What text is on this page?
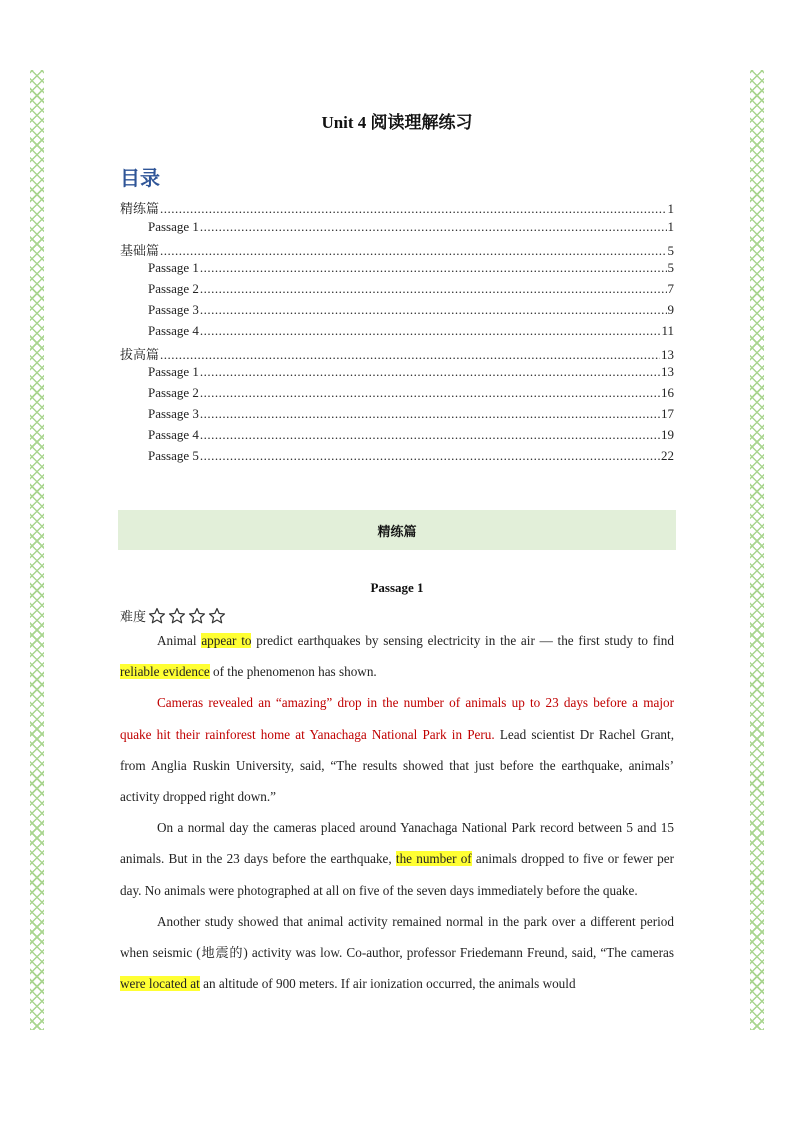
Unit 4 阅读理解练习
目录
精练篇 .....	1
Passage 1 .....	1
基础篇 .....	5
Passage 1 .....	5
Passage 2 .....	7
Passage 3 .....	9
Passage 4 .....	11
拔高篇 .....	13
Passage 1 .....	13
Passage 2 .....	16
Passage 3 .....	17
Passage 4 .....	19
Passage 5 .....	22
精练篇
Passage 1
难度

Animal appear to predict earthquakes by sensing electricity in the air — the first study to find reliable evidence of the phenomenon has shown.

Cameras revealed an “amazing” drop in the number of animals up to 23 days before a major quake hit their rainforest home at Yanachaga National Park in Peru. Lead scientist Dr Rachel Grant, from Anglia Ruskin University, said, “The results showed that just before the earthquake, animals’ activity dropped right down.”

On a normal day the cameras placed around Yanachaga National Park record between 5 and 15 animals. But in the 23 days before the earthquake, the number of animals dropped to five or fewer per day. No animals were photographed at all on five of the seven days immediately before the quake.

Another study showed that animal activity remained normal in the park over a different period when seismic (地震的) activity was low. Co-author, professor Friedemann Freund, said, “The cameras were located at an altitude of 900 meters. If air ionization occurred, the animals would
